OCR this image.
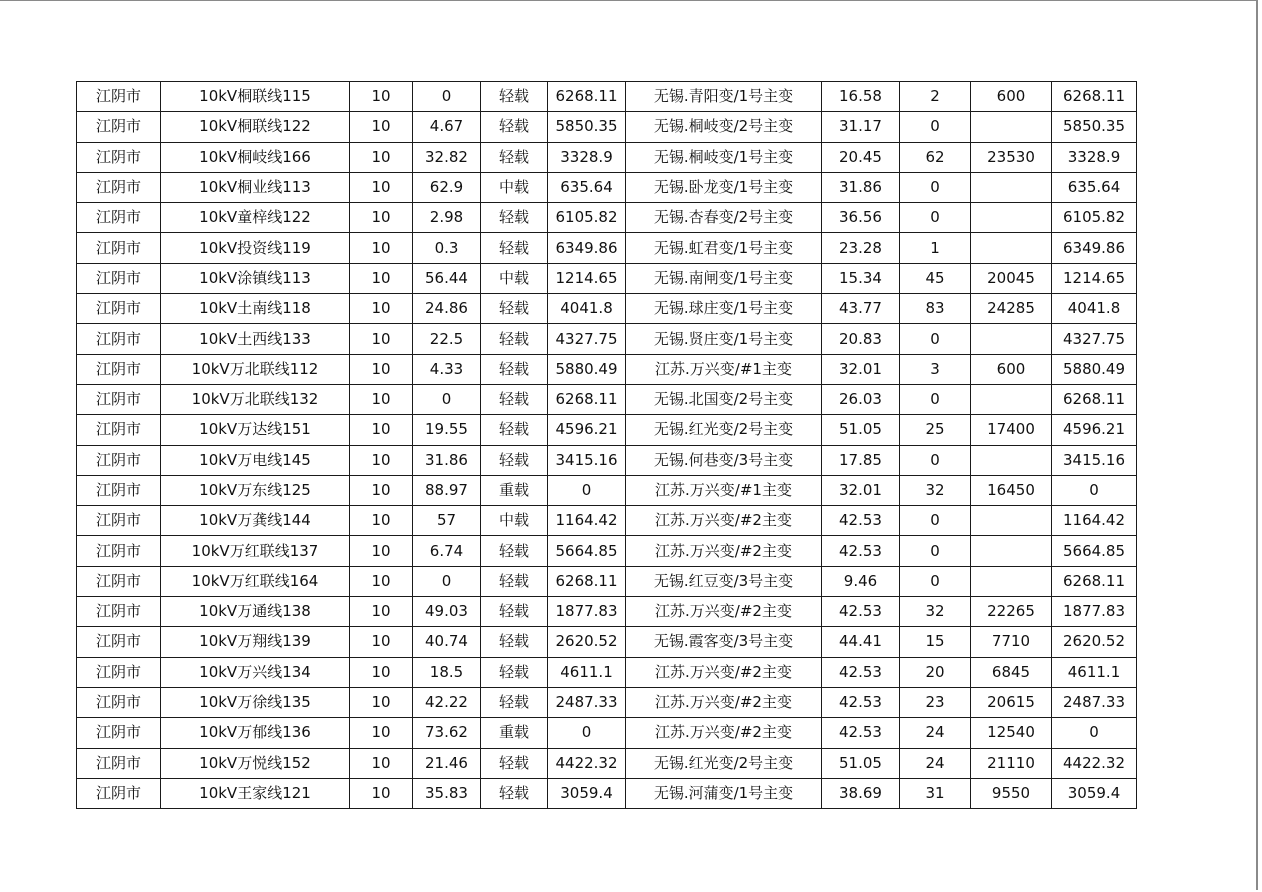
江阴市	10kV桐联线115	10	0	轻载	6268.11	无锡.青阳变/1号主变	16.58	2	600	6268.11
江阴市	10kV桐联线122	10	4.67	轻载	5850.35	无锡.桐岐变/2号主变	31.17	0		5850.35
江阴市	10kV桐岐线166	10	32.82	轻载	3328.9	无锡.桐岐变/1号主变	20.45	62	23530	3328.9
江阴市	10kV桐业线113	10	62.9	中载	635.64	无锡.卧龙变/1号主变	31.86	0		635.64
江阴市	10kV童梓线122	10	2.98	轻载	6105.82	无锡.杏春变/2号主变	36.56	0		6105.82
江阴市	10kV投资线119	10	0.3	轻载	6349.86	无锡.虹君变/1号主变	23.28	1		6349.86
江阴市	10kV涂镇线113	10	56.44	中载	1214.65	无锡.南闸变/1号主变	15.34	45	20045	1214.65
江阴市	10kV土南线118	10	24.86	轻载	4041.8	无锡.球庄变/1号主变	43.77	83	24285	4041.8
江阴市	10kV土西线133	10	22.5	轻载	4327.75	无锡.贤庄变/1号主变	20.83	0		4327.75
江阴市	10kV万北联线112	10	4.33	轻载	5880.49	江苏.万兴变/#1主变	32.01	3	600	5880.49
江阴市	10kV万北联线132	10	0	轻载	6268.11	无锡.北国变/2号主变	26.03	0		6268.11
江阴市	10kV万达线151	10	19.55	轻载	4596.21	无锡.红光变/2号主变	51.05	25	17400	4596.21
江阴市	10kV万电线145	10	31.86	轻载	3415.16	无锡.何巷变/3号主变	17.85	0		3415.16
江阴市	10kV万东线125	10	88.97	重载	0	江苏.万兴变/#1主变	32.01	32	16450	0
江阴市	10kV万龚线144	10	57	中载	1164.42	江苏.万兴变/#2主变	42.53	0		1164.42
江阴市	10kV万红联线137	10	6.74	轻载	5664.85	江苏.万兴变/#2主变	42.53	0		5664.85
江阴市	10kV万红联线164	10	0	轻载	6268.11	无锡.红豆变/3号主变	9.46	0		6268.11
江阴市	10kV万通线138	10	49.03	轻载	1877.83	江苏.万兴变/#2主变	42.53	32	22265	1877.83
江阴市	10kV万翔线139	10	40.74	轻载	2620.52	无锡.霞客变/3号主变	44.41	15	7710	2620.52
江阴市	10kV万兴线134	10	18.5	轻载	4611.1	江苏.万兴变/#2主变	42.53	20	6845	4611.1
江阴市	10kV万徐线135	10	42.22	轻载	2487.33	江苏.万兴变/#2主变	42.53	23	20615	2487.33
江阴市	10kV万郁线136	10	73.62	重载	0	江苏.万兴变/#2主变	42.53	24	12540	0
江阴市	10kV万悦线152	10	21.46	轻载	4422.32	无锡.红光变/2号主变	51.05	24	21110	4422.32
江阴市	10kV王家线121	10	35.83	轻载	3059.4	无锡.河蒲变/1号主变	38.69	31	9550	3059.4
